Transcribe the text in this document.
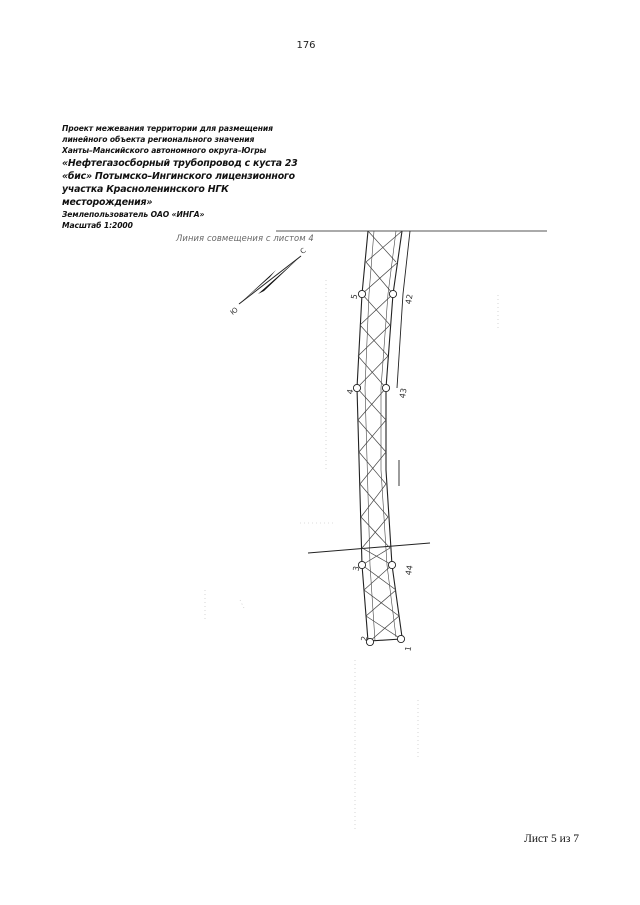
176
Проект межевания территории для размещения
линейного объекта регионального значения
Ханты–Мансийского автономного округа–Югры
«Нефтегазосборный трубопровод с куста 23
«бис» Потымско–Ингинского лицензионного
участка Красноленинского НГК
месторождения»
Землепользователь ОАО «ИНГА»
Масштаб 1:2000
Линия совмещения с листом 4
С
Ю
1
2
3
4
5	42
43
44
Лист 5 из 7
